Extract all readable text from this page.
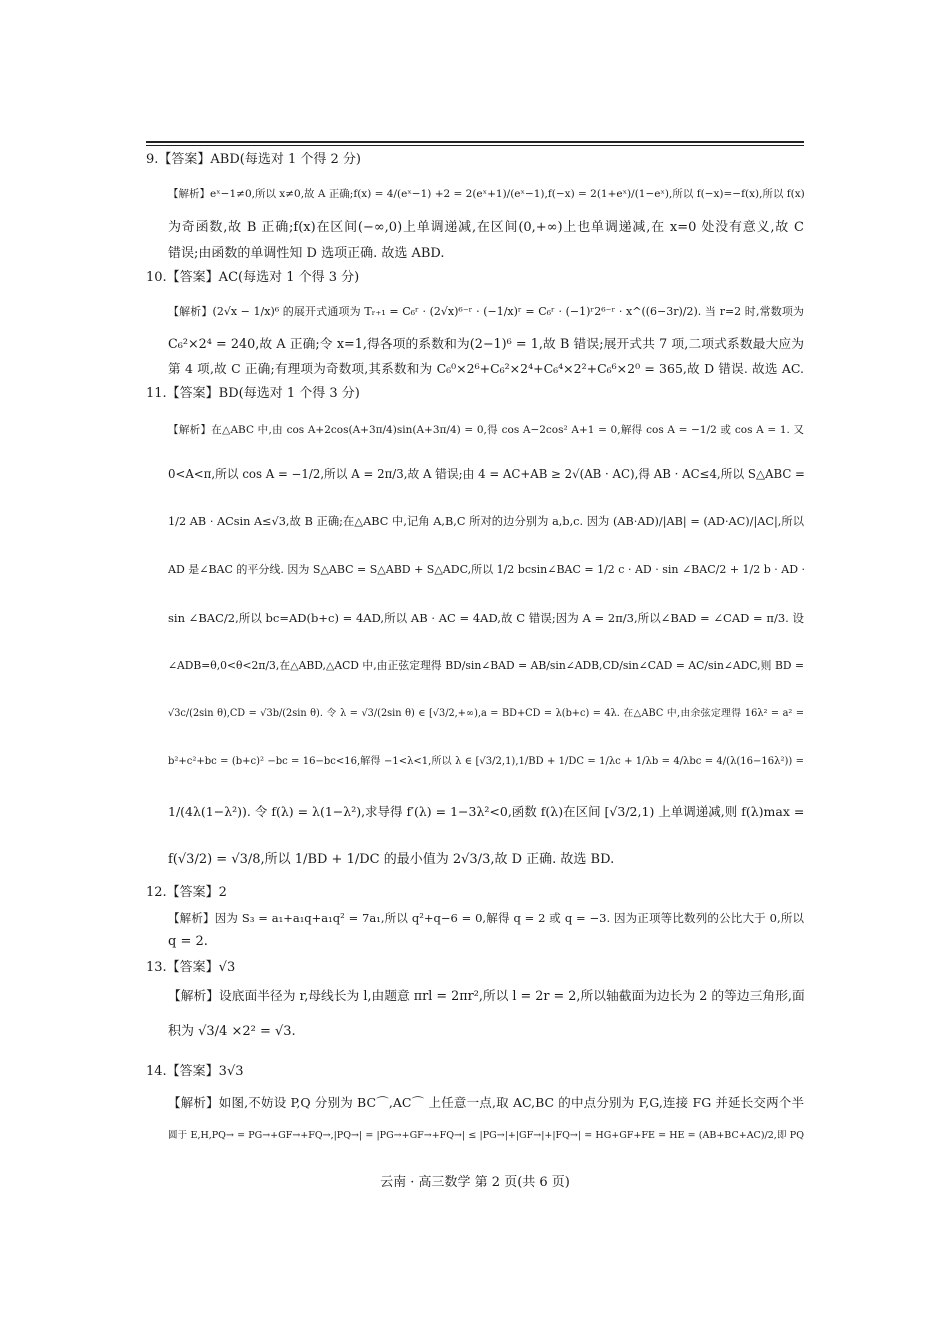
9.【答案】ABD(每选对 1 个得 2 分)
【解析】eˣ−1≠0,所以 x≠0,故 A 正确;f(x) = 4/(eˣ−1) +2 = 2(eˣ+1)/(eˣ−1),f(−x) = 2(1+eˣ)/(1−eˣ),所以 f(−x)=−f(x),所以 f(x)
为奇函数,故 B 正确;f(x)在区间(−∞,0)上单调递减,在区间(0,+∞)上也单调递减,在 x=0 处没有意义,故 C
错误;由函数的单调性知 D 选项正确. 故选 ABD.
10.【答案】AC(每选对 1 个得 3 分)
【解析】(2√x − 1/x)⁶ 的展开式通项为 Tᵣ₊₁ = C₆ʳ · (2√x)⁶⁻ʳ · (−1/x)ʳ = C₆ʳ · (−1)ʳ2⁶⁻ʳ · x^((6−3r)/2). 当 r=2 时,常数项为
C₆²×2⁴ = 240,故 A 正确;令 x=1,得各项的系数和为(2−1)⁶ = 1,故 B 错误;展开式共 7 项,二项式系数最大应为
第 4 项,故 C 正确;有理项为奇数项,其系数和为 C₆⁰×2⁶+C₆²×2⁴+C₆⁴×2²+C₆⁶×2⁰ = 365,故 D 错误. 故选 AC.
11.【答案】BD(每选对 1 个得 3 分)
【解析】在△ABC 中,由 cos A+2cos(A+3π/4)sin(A+3π/4) = 0,得 cos A−2cos² A+1 = 0,解得 cos A = −1/2 或 cos A = 1. 又
0<A<π,所以 cos A = −1/2,所以 A = 2π/3,故 A 错误;由 4 = AC+AB ≥ 2√(AB · AC),得 AB · AC≤4,所以 S△ABC =
1/2 AB · ACsin A≤√3,故 B 正确;在△ABC 中,记角 A,B,C 所对的边分别为 a,b,c. 因为 (AB·AD)/|AB| = (AD·AC)/|AC|,所以
AD 是∠BAC 的平分线. 因为 S△ABC = S△ABD + S△ADC,所以 1/2 bcsin∠BAC = 1/2 c · AD · sin ∠BAC/2 + 1/2 b · AD ·
sin ∠BAC/2,所以 bc=AD(b+c) = 4AD,所以 AB · AC = 4AD,故 C 错误;因为 A = 2π/3,所以∠BAD = ∠CAD = π/3. 设
∠ADB=θ,0<θ<2π/3,在△ABD,△ACD 中,由正弦定理得 BD/sin∠BAD = AB/sin∠ADB,CD/sin∠CAD = AC/sin∠ADC,则 BD =
√3c/(2sin θ),CD = √3b/(2sin θ). 令 λ = √3/(2sin θ) ∈ [√3/2,+∞),a = BD+CD = λ(b+c) = 4λ. 在△ABC 中,由余弦定理得 16λ² = a² =
b²+c²+bc = (b+c)² −bc = 16−bc<16,解得 −1<λ<1,所以 λ ∈ [√3/2,1),1/BD + 1/DC = 1/λc + 1/λb = 4/λbc = 4/(λ(16−16λ²)) =
1/(4λ(1−λ²)). 令 f(λ) = λ(1−λ²),求导得 f′(λ) = 1−3λ²<0,函数 f(λ)在区间 [√3/2,1) 上单调递减,则 f(λ)max =
f(√3/2) = √3/8,所以 1/BD + 1/DC 的最小值为 2√3/3,故 D 正确. 故选 BD.
12.【答案】2
【解析】因为 S₃ = a₁+a₁q+a₁q² = 7a₁,所以 q²+q−6 = 0,解得 q = 2 或 q = −3. 因为正项等比数列的公比大于 0,所以
q = 2.
13.【答案】√3
【解析】设底面半径为 r,母线长为 l,由题意 πrl = 2πr²,所以 l = 2r = 2,所以轴截面为边长为 2 的等边三角形,面
积为 √3/4 ×2² = √3.
14.【答案】3√3
【解析】如图,不妨设 P,Q 分别为 BC⌒,AC⌒ 上任意一点,取 AC,BC 的中点分别为 F,G,连接 FG 并延长交两个半
圆于 E,H,PQ→ = PG→+GF→+FQ→,|PQ→| = |PG→+GF→+FQ→| ≤ |PG→|+|GF→|+|FQ→| = HG+GF+FE = HE = (AB+BC+AC)/2,即 PQ
云南 · 高三数学 第 2 页(共 6 页)
